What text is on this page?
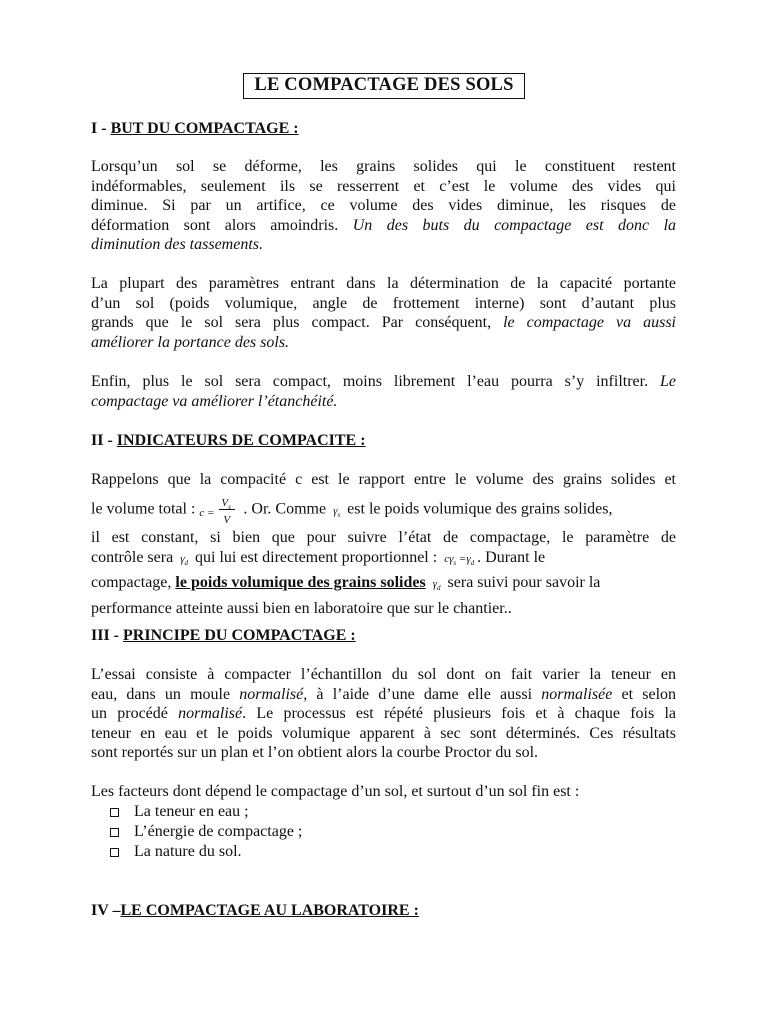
LE COMPACTAGE DES SOLS
I - BUT DU COMPACTAGE :
Lorsqu’un sol se déforme, les grains solides qui le constituent restent
indéformables, seulement ils se resserrent et c’est le volume des vides qui
diminue. Si par un artifice, ce volume des vides diminue, les risques de
déformation sont alors amoindris. Un des buts du compactage est donc la
diminution des tassements.
La plupart des paramètres entrant dans la détermination de la capacité portante
d’un sol (poids volumique, angle de frottement interne) sont d’autant plus
grands que le sol sera plus compact. Par conséquent, le compactage va aussi
améliorer la portance des sols.
Enfin, plus le sol sera compact, moins librement l’eau pourra s’y infiltrer. Le
compactage va améliorer l’étanchéité.
II - INDICATEURS DE COMPACITE :
Rappelons que la compacité c est le rapport entre le volume des grains solides et
le volume total : c =
$V_s$
V
. Or. Comme $\gamma_s$ est le poids volumique des grains solides,
il est constant, si bien que pour suivre l’état de compactage, le paramètre de
contrôle sera $\gamma_d$ qui lui est directement proportionnel : $c\gamma_s =\gamma_d$ . Durant le
compactage, le poids volumique des grains solides $\gamma_d$ sera suivi pour savoir la
performance atteinte aussi bien en laboratoire que sur le chantier..
III - PRINCIPE DU COMPACTAGE :
L’essai consiste à compacter l’échantillon du sol dont on fait varier la teneur en
eau, dans un moule normalisé, à l’aide d’une dame elle aussi normalisée et selon
un procédé normalisé. Le processus est répété plusieurs fois et à chaque fois la
teneur en eau et le poids volumique apparent à sec sont déterminés. Ces résultats
sont reportés sur un plan et l’on obtient alors la courbe Proctor du sol.
Les facteurs dont dépend le compactage d’un sol, et surtout d’un sol fin est :
La teneur en eau ;
L’énergie de compactage ;
La nature du sol.
IV –LE COMPACTAGE AU LABORATOIRE :
